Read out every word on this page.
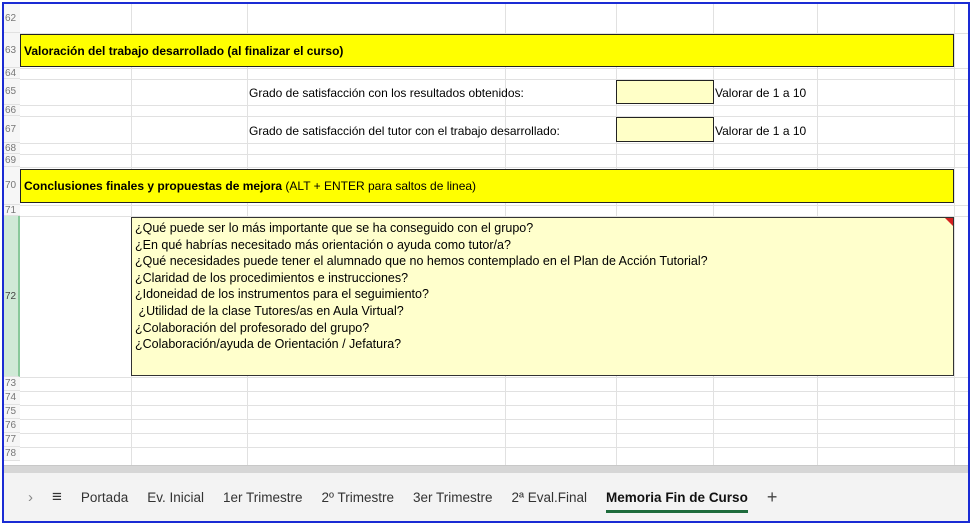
62
63
64
65
66
67
68
69
70
71
72
73
74
75
76
77
78
Valoración del trabajo desarrollado (al finalizar el curso)
Grado de satisfacción con los resultados obtenidos:	Valorar de 1 a 10
Grado de satisfacción del tutor con el trabajo desarrollado:	Valorar de 1 a 10
Conclusiones finales y propuestas de mejora (ALT + ENTER para saltos de linea)
¿Qué puede ser lo más importante que se ha conseguido con el grupo?
¿En qué habrías necesitado más orientación o ayuda como tutor/a?
¿Qué necesidades puede tener el alumnado que no hemos contemplado en el Plan de Acción Tutorial?
¿Claridad de los procedimientos e instrucciones?
¿Idoneidad de los instrumentos para el seguimiento?
¿Utilidad de la clase Tutores/as en Aula Virtual?
¿Colaboración del profesorado del grupo?
¿Colaboración/ayuda de Orientación / Jefatura?
› ≡ Portada Ev. Inicial 1er Trimestre 2º Trimestre 3er Trimestre 2ª Eval.Final Memoria Fin de Curso +
